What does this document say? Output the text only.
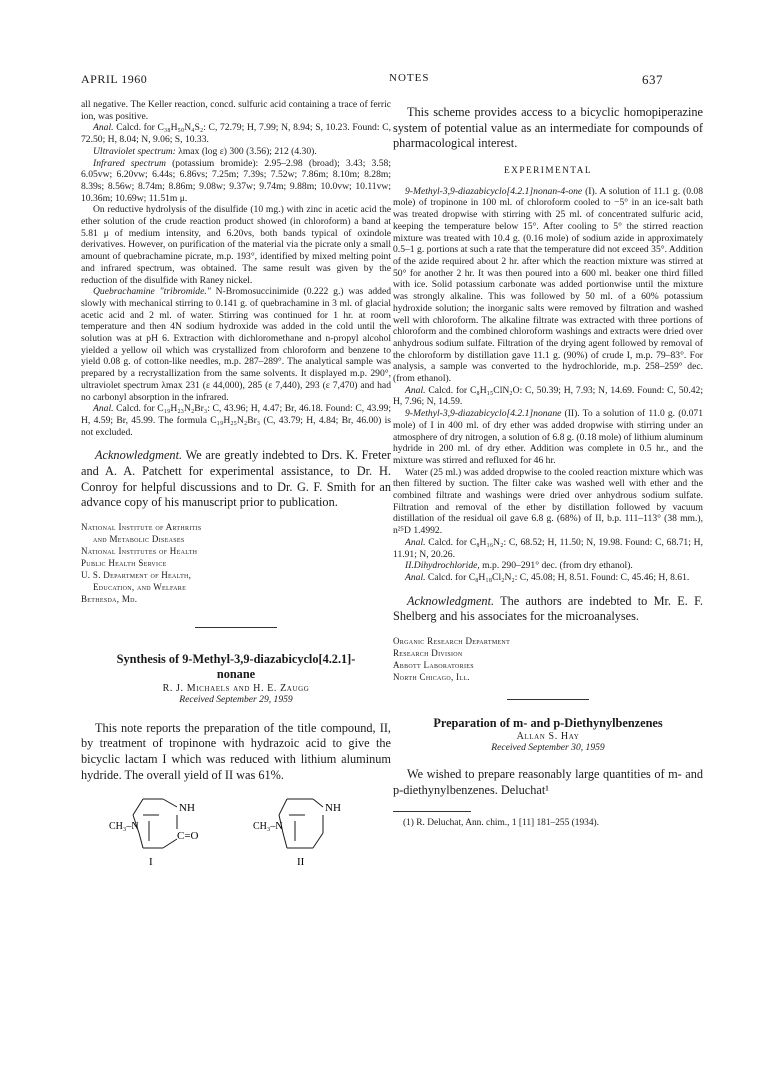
APRIL 1960	NOTES	637

all negative. The Keller reaction, concd. sulfuric acid containing a trace of ferric ion, was positive.

Anal. Calcd. for C₃₈H₅₀N₄S₂: C, 72.79; H, 7.99; N, 8.94; S, 10.23. Found: C, 72.50; H, 8.04; N, 9.06; S, 10.33.

Ultraviolet spectrum: λmax (log ε) 300 (3.56); 212 (4.30).

Infrared spectrum (potassium bromide): 2.95–2.98 (broad); 3.43; 3.58; 6.05vw; 6.20vw; 6.44s; 6.86vs; 7.25m; 7.39s; 7.52w; 7.86m; 8.10m; 8.28m; 8.39s; 8.56w; 8.74m; 8.86m; 9.08w; 9.37w; 9.74m; 9.88m; 10.0vw; 10.11vw; 10.36m; 10.69w; 11.51m μ.

On reductive hydrolysis of the disulfide (10 mg.) with zinc in acetic acid the ether solution of the crude reaction product showed (in chloroform) a band at 5.81 μ of medium intensity, and 6.20vs, both bands typical of oxindole derivatives. However, on purification of the material via the picrate only a small amount of quebrachamine picrate, m.p. 193°, identified by mixed melting point and infrared spectrum, was obtained. The same result was given by the reduction of the disulfide with Raney nickel.

Quebrachamine "tribromide." N-Bromosuccinimide (0.222 g.) was added slowly with mechanical stirring to 0.141 g. of quebrachamine in 3 ml. of glacial acetic acid and 2 ml. of water. Stirring was continued for 1 hr. at room temperature and then 4N sodium hydroxide was added in the cold until the solution was at pH 6. Extraction with dichloromethane and n-propyl alcohol yielded a yellow oil which was crystallized from chloroform and benzene to yield 0.08 g. of cotton-like needles, m.p. 287–289°. The analytical sample was prepared by a recrystallization from the same solvents. It displayed m.p. 290°, ultraviolet spectrum λmax 231 (ε 44,000), 285 (ε 7,440), 293 (ε 7,470) and had no carbonyl absorption in the infrared.

Anal. Calcd. for C₁₉H₂₃N₂Br₃: C, 43.96; H, 4.47; Br, 46.18. Found: C, 43.99; H, 4.59; Br, 45.99. The formula C₁₉H₂₅N₂Br₃ (C, 43.79; H, 4.84; Br, 46.00) is not excluded.

Acknowledgment. We are greatly indebted to Drs. K. Freter and A. A. Patchett for experimental assistance, to Dr. H. Conroy for helpful discussions and to Dr. G. F. Smith for an advance copy of his manuscript prior to publication.

National Institute of Arthritis

and Metabolic Diseases

National Institutes of Health

Public Health Service

U. S. Department of Health,

Education, and Welfare

Bethesda, Md.

Synthesis of 9-Methyl-3,9-diazabicyclo[4.2.1]-

nonane

R. J. Michaels and H. E. Zaugg

Received September 29, 1959

This note reports the preparation of the title compound, II, by treatment of tropinone with hydrazoic acid to give the bicyclic lactam I which was reduced with lithium aluminum hydride. The overall yield of II was 61%.

NH
CH₃–N
C=O
I
NH
CH₃–N
II

This scheme provides access to a bicyclic homopiperazine system of potential value as an intermediate for compounds of pharmacological interest.

EXPERIMENTAL

9-Methyl-3,9-diazabicyclo[4.2.1]nonan-4-one (I). A solution of 11.1 g. (0.08 mole) of tropinone in 100 ml. of chloroform cooled to −5° in an ice-salt bath was treated dropwise with stirring with 25 ml. of concentrated sulfuric acid, keeping the temperature below 15°. After cooling to 5° the stirred reaction mixture was treated with 10.4 g. (0.16 mole) of sodium azide in approximately 0.5–1 g. portions at such a rate that the temperature did not exceed 35°. Addition of the azide required about 2 hr. after which the reaction mixture was stirred at 50° for another 2 hr. It was then poured into a 600 ml. beaker one third filled with ice. Solid potassium carbonate was added portionwise until the mixture was strongly alkaline. This was followed by 50 ml. of a 60% potassium hydroxide solution; the inorganic salts were removed by filtration and washed well with chloroform. The alkaline filtrate was extracted with three portions of chloroform and the combined chloroform washings and extracts were dried over anhydrous sodium sulfate. Filtration of the drying agent followed by removal of the chloroform by distillation gave 11.1 g. (90%) of crude I, m.p. 79–83°. For analysis, a sample was converted to the hydrochloride, m.p. 258–259° dec. (from ethanol).

Anal. Calcd. for C₈H₁₅ClN₂O: C, 50.39; H, 7.93; N, 14.69. Found: C, 50.42; H, 7.96; N, 14.59.

9-Methyl-3,9-diazabicyclo[4.2.1]nonane (II). To a solution of 11.0 g. (0.071 mole) of I in 400 ml. of dry ether was added dropwise with stirring under an atmosphere of dry nitrogen, a solution of 6.8 g. (0.18 mole) of lithium aluminum hydride in 200 ml. of dry ether. Addition was complete in 0.5 hr., and the mixture was stirred and refluxed for 46 hr.

Water (25 ml.) was added dropwise to the cooled reaction mixture which was then filtered by suction. The filter cake was washed well with ether and the combined filtrate and washings were dried over anhydrous sodium sulfate. Filtration and removal of the ether by distillation followed by vacuum distillation of the residual oil gave 6.8 g. (68%) of II, b.p. 111–113° (38 mm.), n²⁵D 1.4992.

Anal. Calcd. for C₈H₁₆N₂: C, 68.52; H, 11.50; N, 19.98. Found: C, 68.71; H, 11.91; N, 20.26.

II.Dihydrochloride, m.p. 290–291° dec. (from dry ethanol).

Anal. Calcd. for C₈H₁₈Cl₂N₂: C, 45.08; H, 8.51. Found: C, 45.46; H, 8.61.

Acknowledgment. The authors are indebted to Mr. E. F. Shelberg and his associates for the microanalyses.

Organic Research Department

Research Division

Abbott Laboratories

North Chicago, Ill.

Preparation of m- and p-Diethynylbenzenes

Allan S. Hay

Received September 30, 1959

We wished to prepare reasonably large quantities of m- and p-diethynylbenzenes. Deluchat¹

(1) R. Deluchat, Ann. chim., 1 [11] 181–255 (1934).
